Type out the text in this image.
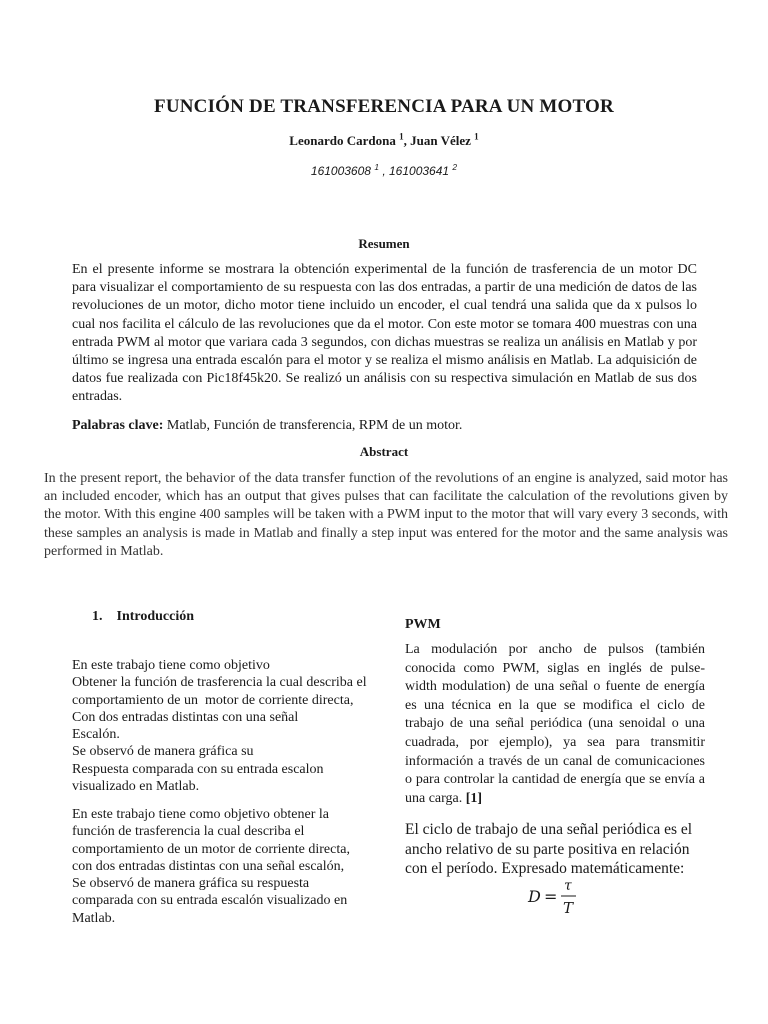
FUNCIÓN DE TRANSFERENCIA PARA UN MOTOR
Leonardo Cardona $^1$, Juan Vélez $^1$
161003608 $^1$ , 161003641 $^2$
Resumen

En el presente informe se mostrara la obtención experimental de la función de trasferencia de un motor DC para visualizar el comportamiento de su respuesta con las dos entradas, a partir de una medición de datos de las revoluciones de un motor, dicho motor tiene incluido un encoder, el cual tendrá una salida que da x pulsos lo cual nos facilita el cálculo de las revoluciones que da el motor. Con este motor se tomara 400 muestras con una entrada PWM al motor que variara cada 3 segundos, con dichas muestras se realiza un análisis en Matlab y por último se ingresa una entrada escalón para el motor y se realiza el mismo análisis en Matlab. La adquisición de datos fue realizada con Pic18f45k20. Se realizó un análisis con su respectiva simulación en Matlab de sus dos entradas.

Palabras clave: Matlab, Función de transferencia, RPM de un motor.

Abstract

In the present report, the behavior of the data transfer function of the revolutions of an engine is analyzed, said motor has an included encoder, which has an output that gives pulses that can facilitate the calculation of the revolutions given by the motor. With this engine 400 samples will be taken with a PWM input to the motor that will vary every 3 seconds, with these samples an analysis is made in Matlab and finally a step input was entered for the motor and the same analysis was performed in Matlab.

1.    Introducción
En este trabajo tiene como objetivo
Obtener la función de trasferencia la cual describa el
comportamiento de un  motor de corriente directa,
Con dos entradas distintas con una señal
Escalón.
Se observó de manera gráfica su
Respuesta comparada con su entrada escalon
visualizado en Matlab.
En este trabajo tiene como objetivo obtener la
función de trasferencia la cual describa el
comportamiento de un motor de corriente directa,
con dos entradas distintas con una señal escalón,
Se observó de manera gráfica su respuesta
comparada con su entrada escalón visualizado en
Matlab.
PWM

La modulación por ancho de pulsos (también conocida como PWM, siglas en inglés de pulse-width modulation) de una señal o fuente de energía es una técnica en la que se modifica el ciclo de trabajo de una señal periódica (una senoidal o una cuadrada, por ejemplo), ya sea para transmitir información a través de un canal de comunicaciones o para controlar la cantidad de energía que se envía a una carga. [1]

El ciclo de trabajo de una señal periódica es el ancho relativo de su parte positiva en relación con el período. Expresado matemáticamente:

D =
τ
T
